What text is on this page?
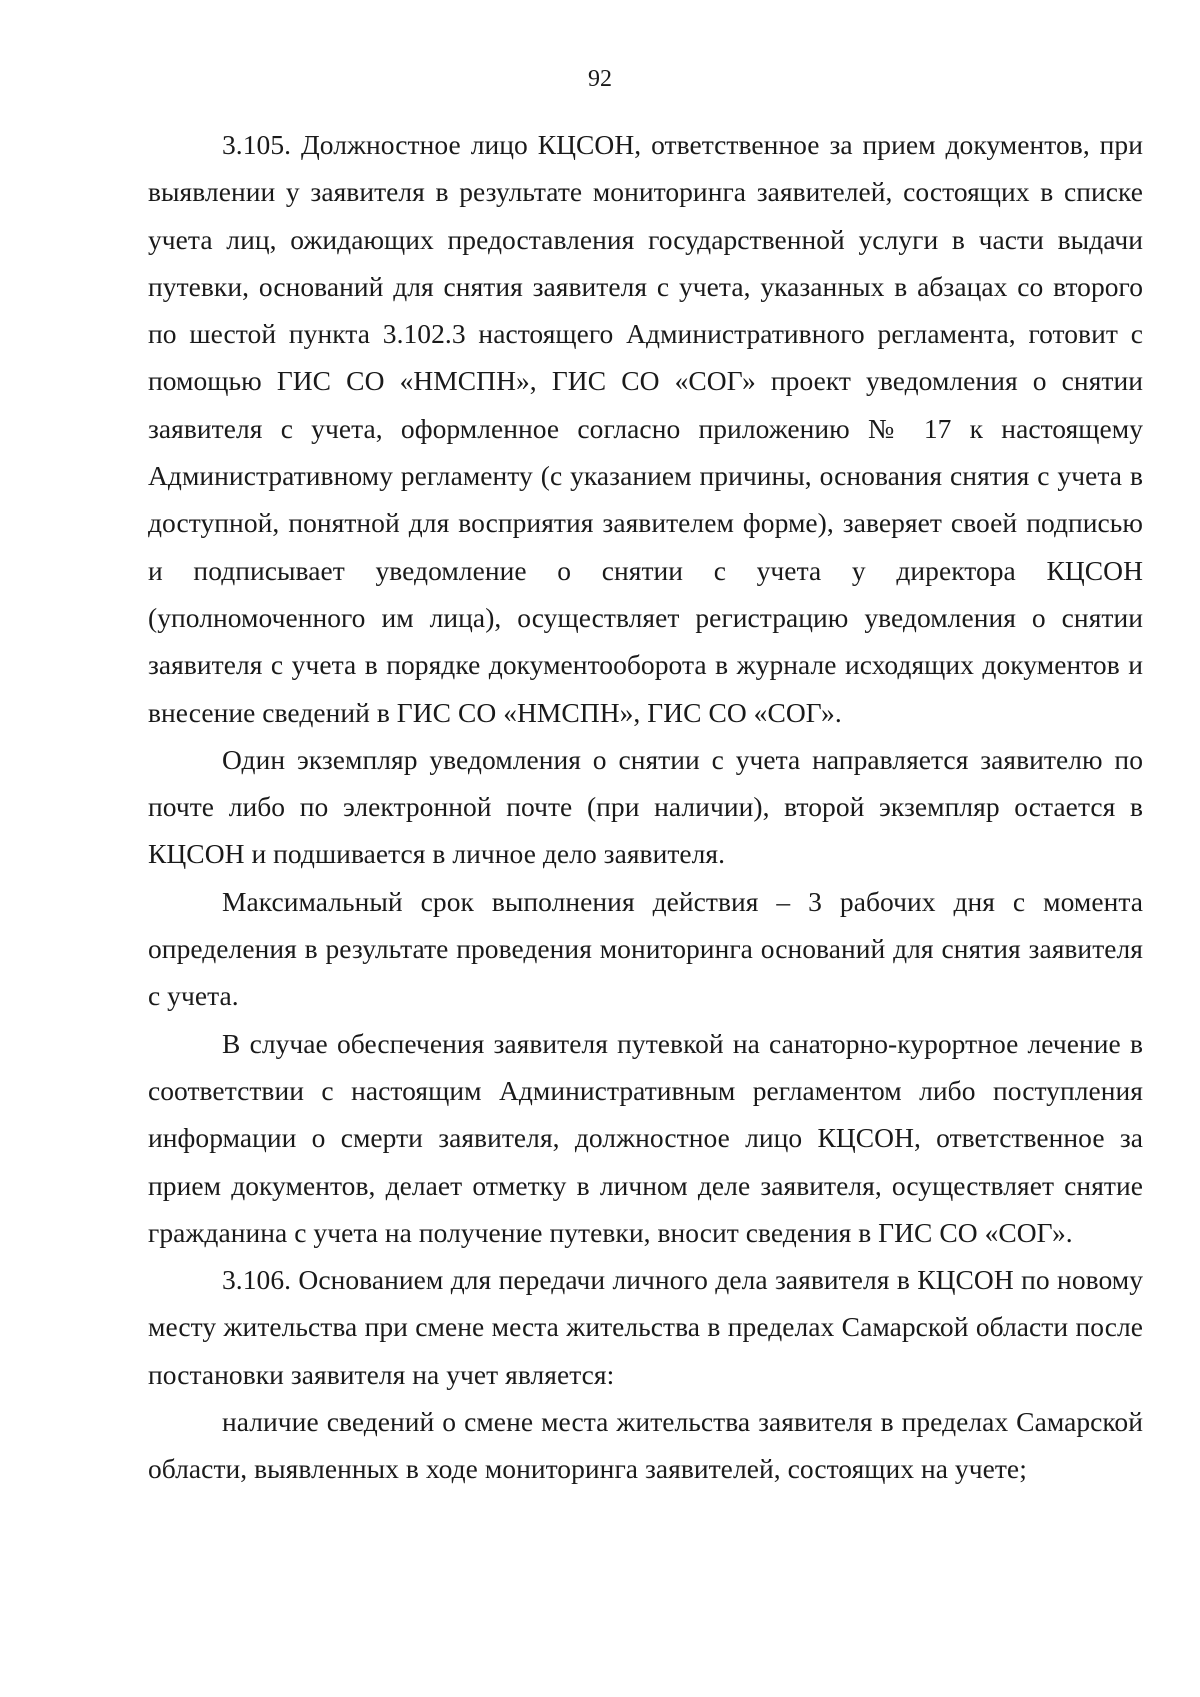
92

3.105. Должностное лицо КЦСОН, ответственное за прием документов, при выявлении у заявителя в результате мониторинга заявителей, состоящих в списке учета лиц, ожидающих предоставления государственной услуги в части выдачи путевки, оснований для снятия заявителя с учета, указанных в абзацах со второго по шестой пункта 3.102.3 настоящего Административного регламента, готовит с помощью ГИС СО «НМСПН», ГИС СО «СОГ» проект уведомления о снятии заявителя с учета, оформленное согласно приложению № 17 к настоящему Административному регламенту (с указанием причины, основания снятия с учета в доступной, понятной для восприятия заявителем форме), заверяет своей подписью и подписывает уведомление о снятии с учета у директора КЦСОН (уполномоченного им лица), осуществляет регистрацию уведомления о снятии заявителя с учета в порядке документооборота в журнале исходящих документов и внесение сведений в ГИС СО «НМСПН», ГИС СО «СОГ».

Один экземпляр уведомления о снятии с учета направляется заявителю по почте либо по электронной почте (при наличии), второй экземпляр остается в КЦСОН и подшивается в личное дело заявителя.

Максимальный срок выполнения действия – 3 рабочих дня с момента определения в результате проведения мониторинга оснований для снятия заявителя с учета.

В случае обеспечения заявителя путевкой на санаторно-курортное лечение в соответствии с настоящим Административным регламентом либо поступления информации о смерти заявителя, должностное лицо КЦСОН, ответственное за прием документов, делает отметку в личном деле заявителя, осуществляет снятие гражданина с учета на получение путевки, вносит сведения в ГИС СО «СОГ».

3.106. Основанием для передачи личного дела заявителя в КЦСОН по новому месту жительства при смене места жительства в пределах Самарской области после постановки заявителя на учет является:

наличие сведений о смене места жительства заявителя в пределах Самарской области, выявленных в ходе мониторинга заявителей, состоящих на учете;
